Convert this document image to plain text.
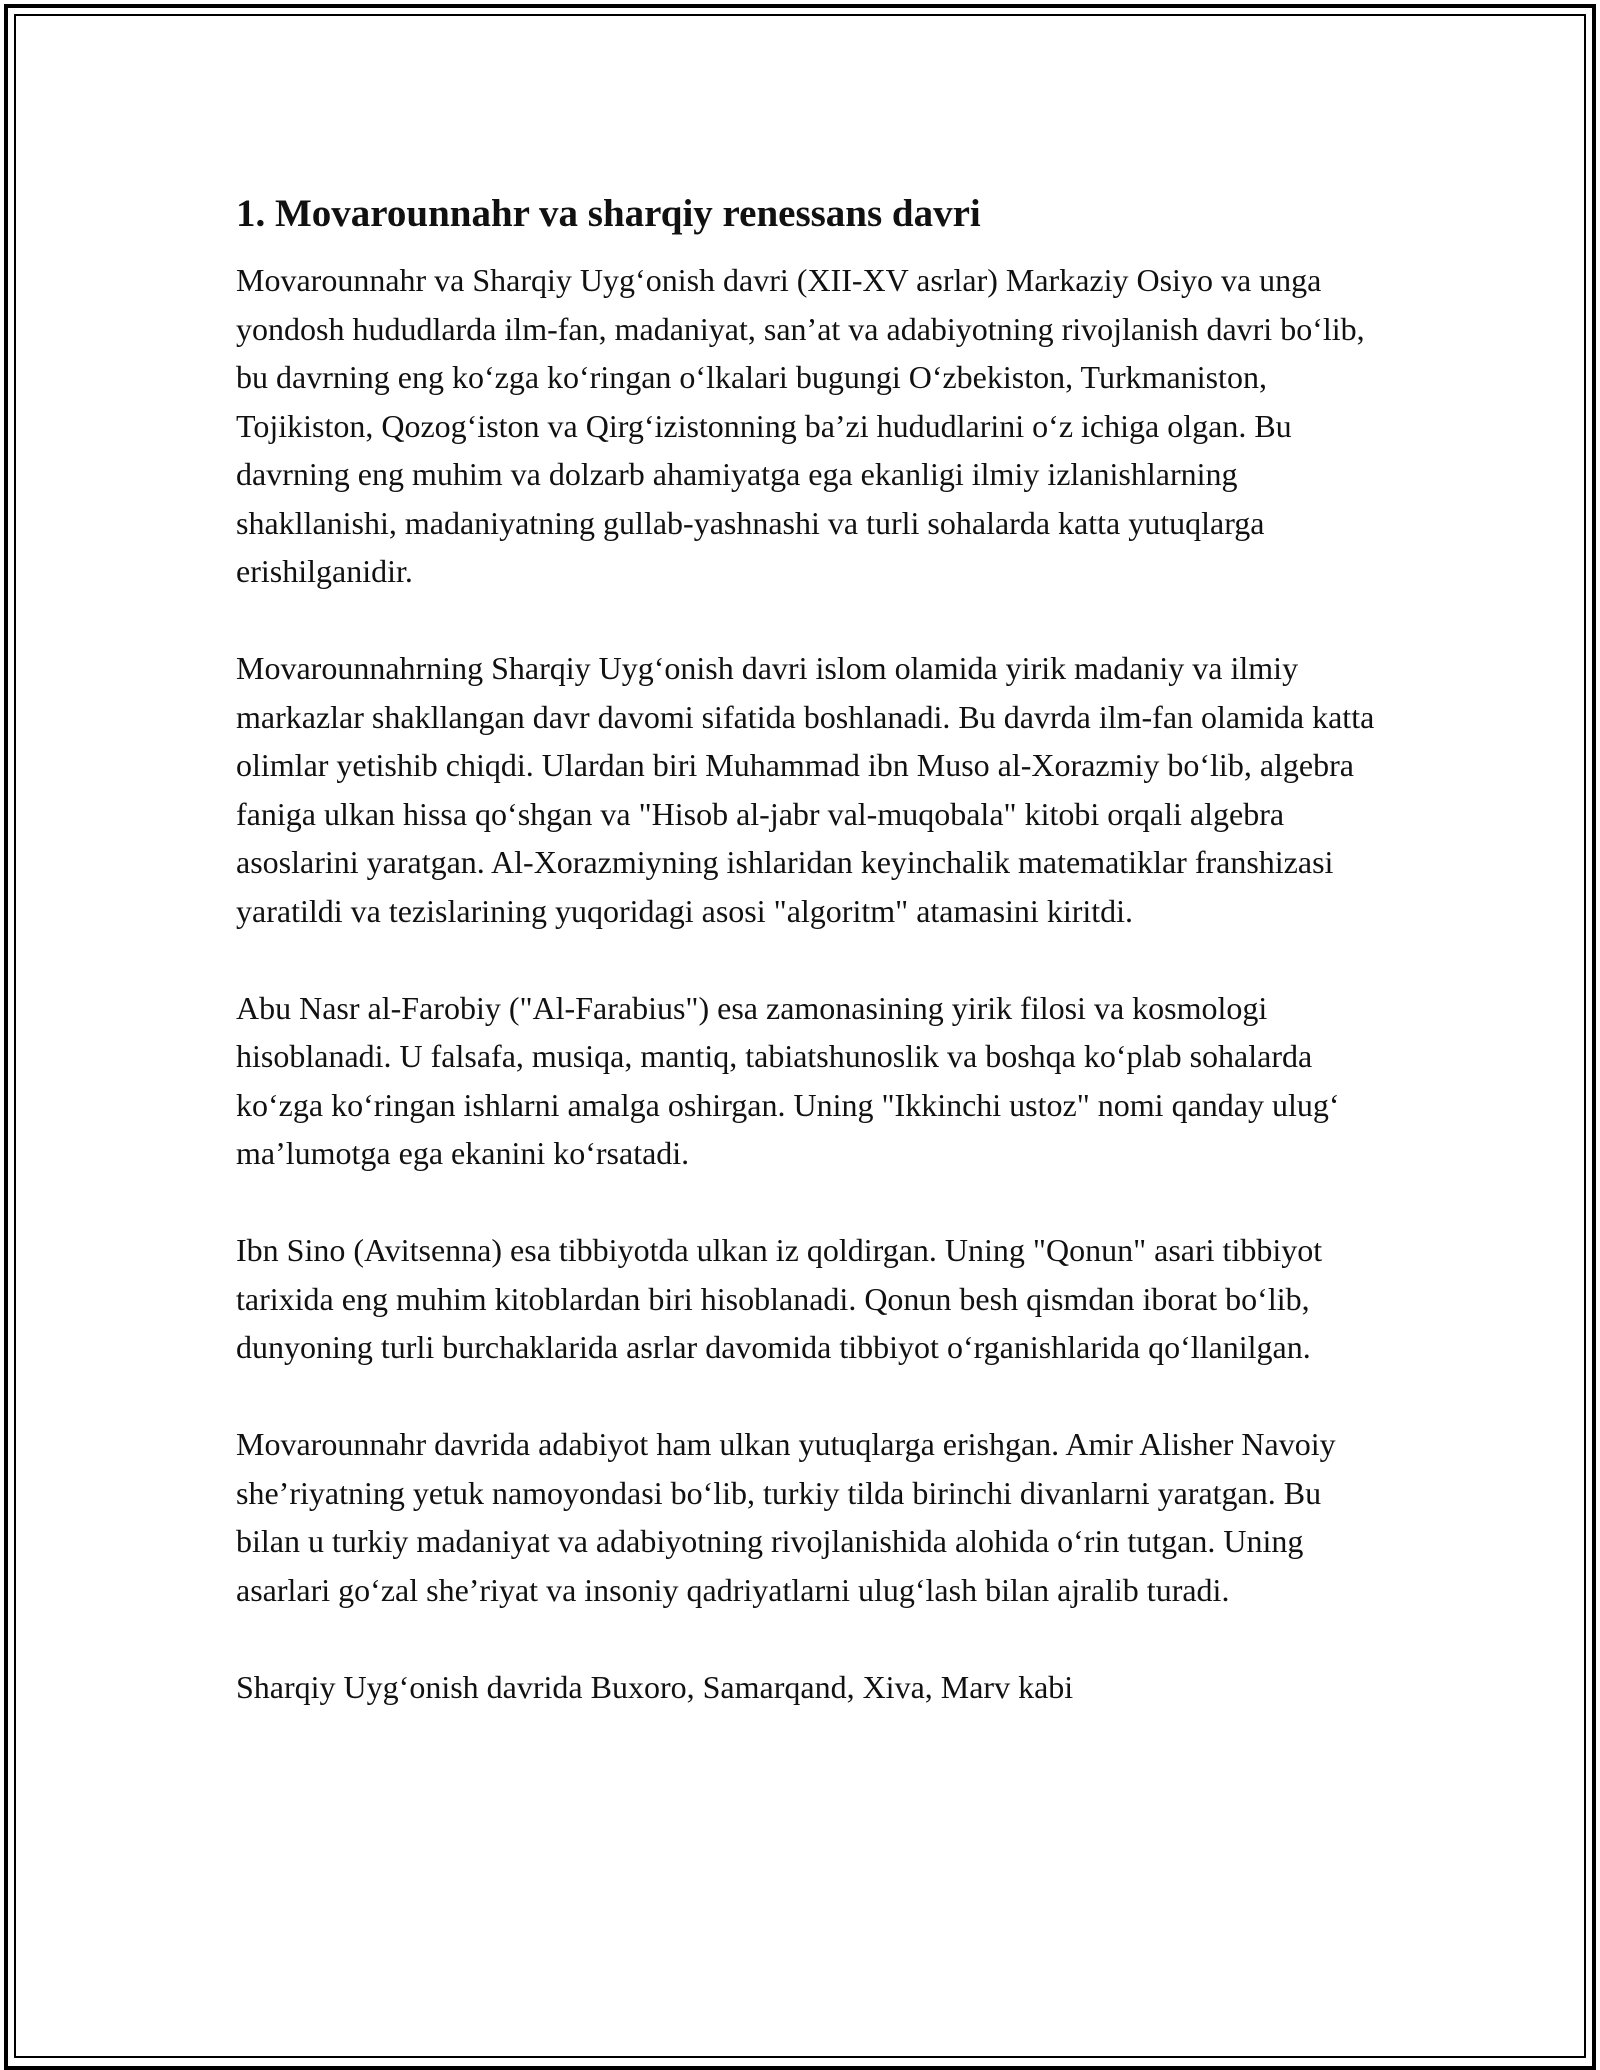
1. Movarounnahr va sharqiy renessans davri

Movarounnahr va Sharqiy Uyg‘onish davri (XII-XV asrlar) Markaziy Osiyo va unga yondosh hududlarda ilm-fan, madaniyat, san’at va adabiyotning rivojlanish davri bo‘lib, bu davrning eng ko‘zga ko‘ringan o‘lkalari bugungi O‘zbekiston, Turkmaniston, Tojikiston, Qozog‘iston va Qirg‘izistonning ba’zi hududlarini o‘z ichiga olgan. Bu davrning eng muhim va dolzarb ahamiyatga ega ekanligi ilmiy izlanishlarning shakllanishi, madaniyatning gullab-yashnashi va turli sohalarda katta yutuqlarga erishilganidir.

Movarounnahrning Sharqiy Uyg‘onish davri islom olamida yirik madaniy va ilmiy markazlar shakllangan davr davomi sifatida boshlanadi. Bu davrda ilm-fan olamida katta olimlar yetishib chiqdi. Ulardan biri Muhammad ibn Muso al-Xorazmiy bo‘lib, algebra faniga ulkan hissa qo‘shgan va "Hisob al-jabr val-muqobala" kitobi orqali algebra asoslarini yaratgan. Al-Xorazmiyning ishlaridan keyinchalik matematiklar franshizasi yaratildi va tezislarining yuqoridagi asosi "algoritm" atamasini kiritdi.

Abu Nasr al-Farobiy ("Al-Farabius") esa zamonasining yirik filosi va kosmologi hisoblanadi. U falsafa, musiqa, mantiq, tabiatshunoslik va boshqa ko‘plab sohalarda ko‘zga ko‘ringan ishlarni amalga oshirgan. Uning "Ikkinchi ustoz" nomi qanday ulug‘ ma’lumotga ega ekanini ko‘rsatadi.

Ibn Sino (Avitsenna) esa tibbiyotda ulkan iz qoldirgan. Uning "Qonun" asari tibbiyot tarixida eng muhim kitoblardan biri hisoblanadi. Qonun besh qismdan iborat bo‘lib, dunyoning turli burchaklarida asrlar davomida tibbiyot o‘rganishlarida qo‘llanilgan.

Movarounnahr davrida adabiyot ham ulkan yutuqlarga erishgan. Amir Alisher Navoiy she’riyatning yetuk namoyondasi bo‘lib, turkiy tilda birinchi divanlarni yaratgan. Bu bilan u turkiy madaniyat va adabiyotning rivojlanishida alohida o‘rin tutgan. Uning asarlari go‘zal she’riyat va insoniy qadriyatlarni ulug‘lash bilan ajralib turadi.

Sharqiy Uyg‘onish davrida Buxoro, Samarqand, Xiva, Marv kabi
